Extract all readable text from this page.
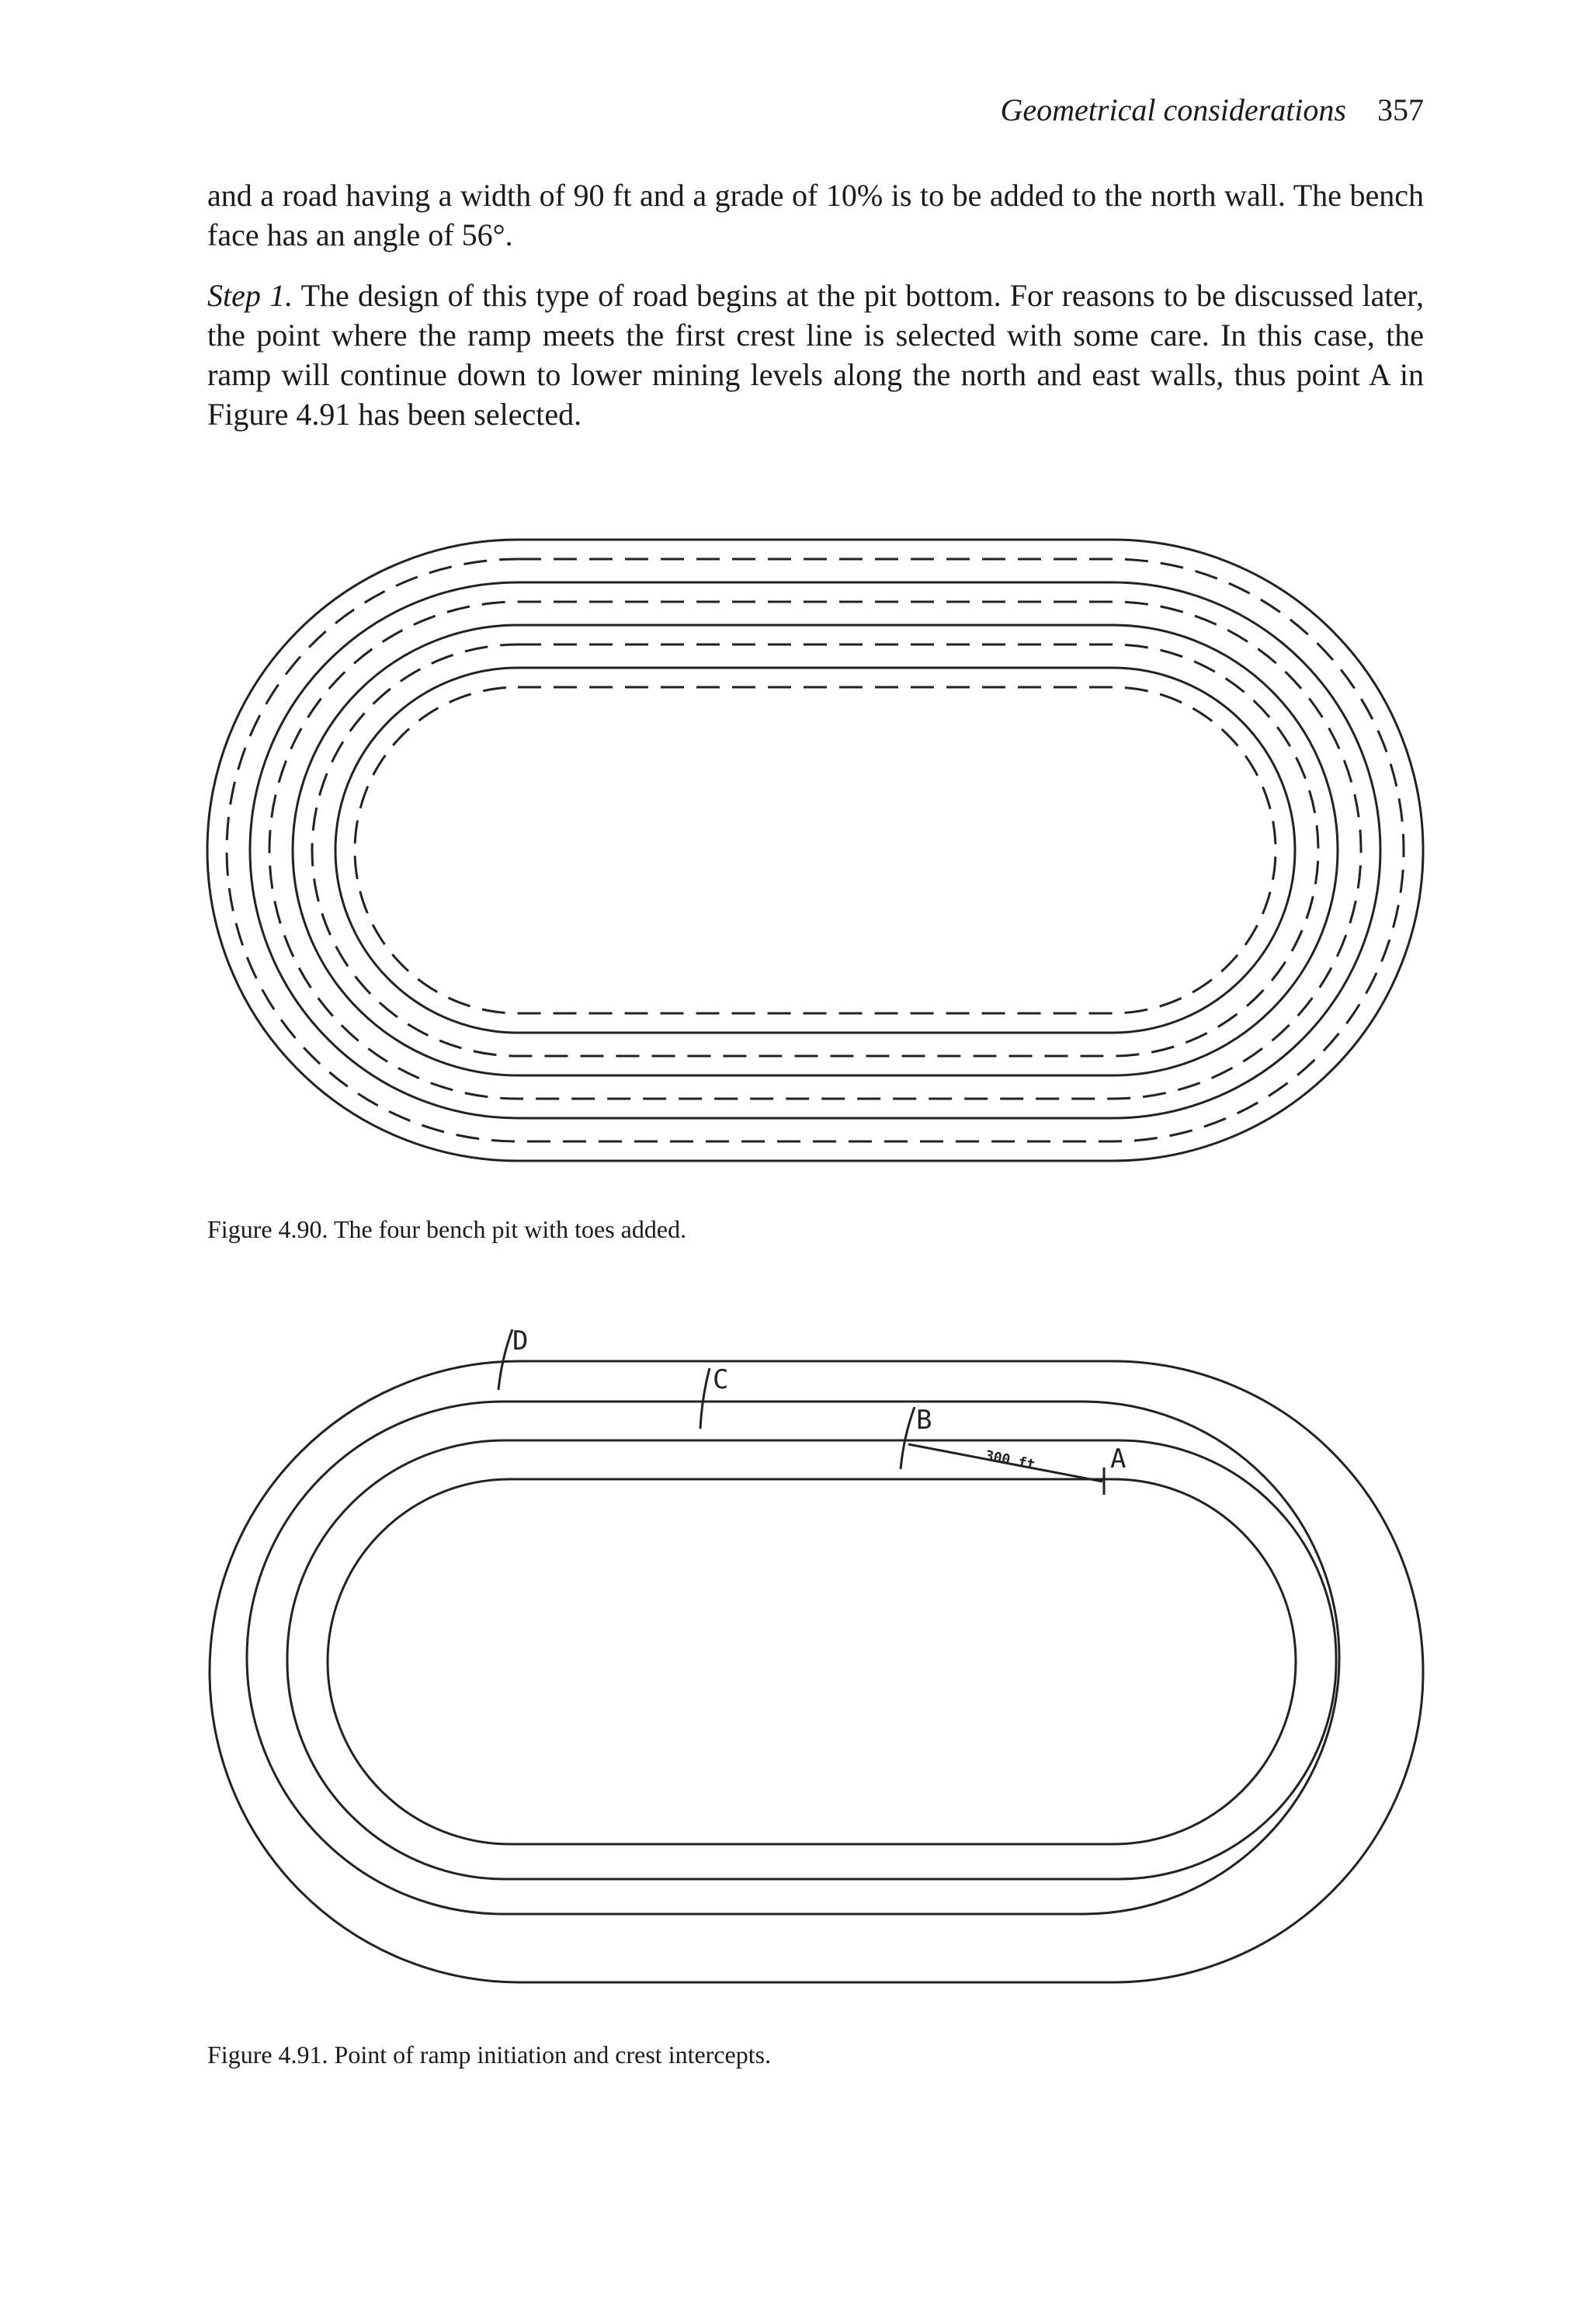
Geometrical considerations 357

and a road having a width of 90 ft and a grade of 10% is to be added to the north wall. The bench face has an angle of 56°.

Step 1. The design of this type of road begins at the pit bottom. For reasons to be discussed later, the point where the ramp meets the first crest line is selected with some care. In this case, the ramp will continue down to lower mining levels along the north and east walls, thus point A in Figure 4.91 has been selected.

Figure 4.90. The four bench pit with toes added.
D
C
B
A
300 ft
Figure 4.91. Point of ramp initiation and crest intercepts.
